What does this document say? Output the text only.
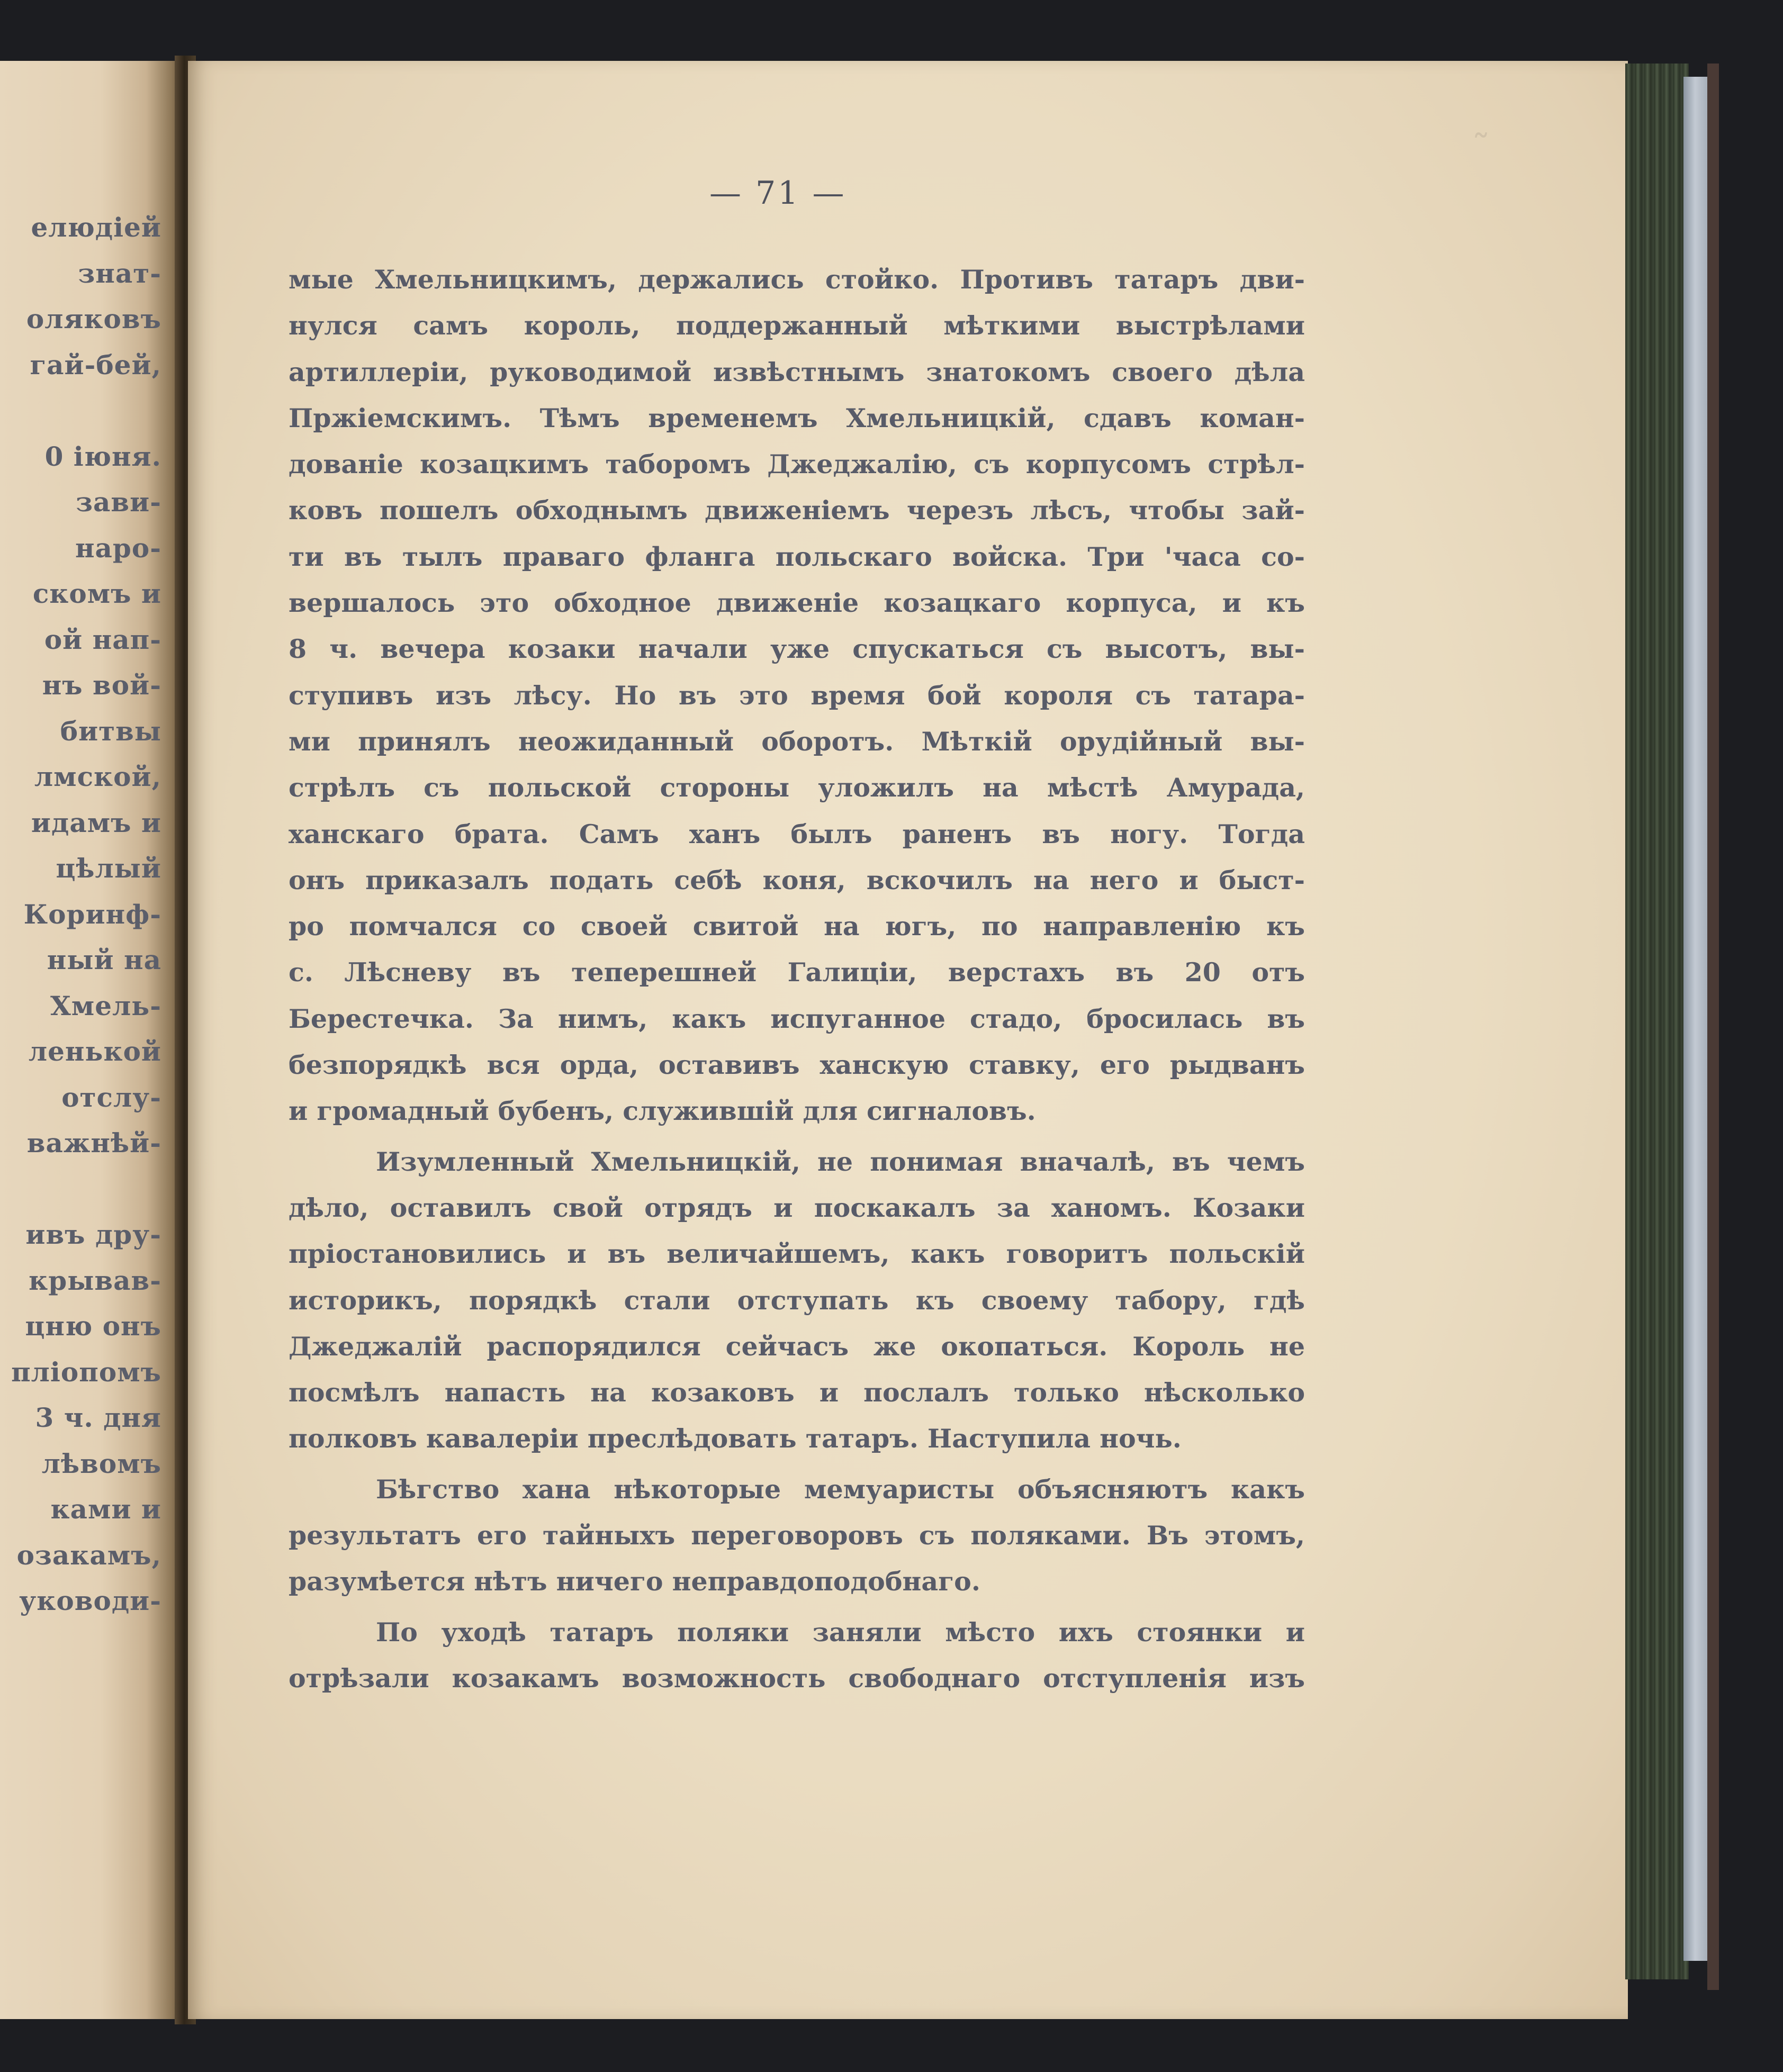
елюдіей
знат-
оляковъ
гай-бей,
0 іюня.
зави-
наро-
скомъ и
ой нап-
нъ вой-
битвы
лмской,
идамъ и
цѣлый
Коринф-
ный на
Хмель-
ленькой
отслу-
важнѣй-
ивъ дру-
крывав-
цню онъ
плiопомъ
3 ч. дня
лѣвомъ
ками и
озакамъ,
уководи-
˜
— 71 —
мые Хмельницкимъ, держались стойко. Противъ татаръ дви-
нулся самъ король, поддержанный мѣткими выстрѣлами
артиллеріи, руководимой извѣстнымъ знатокомъ своего дѣла
Пржіемскимъ. Тѣмъ временемъ Хмельницкій, сдавъ коман-
дованіе козацкимъ таборомъ Джеджалію, съ корпусомъ стрѣл-
ковъ пошелъ обходнымъ движеніемъ черезъ лѣсъ, чтобы зай-
ти въ тылъ праваго фланга польскаго войска. Три 'часа со-
вершалось это обходное движеніе козацкаго корпуса, и къ
8 ч. вечера козаки начали уже спускаться съ высотъ, вы-
ступивъ изъ лѣсу. Но въ это время бой короля съ татара-
ми принялъ неожиданный оборотъ. Мѣткій орудійный вы-
стрѣлъ съ польской стороны уложилъ на мѣстѣ Амурада,
ханскаго брата. Самъ ханъ былъ раненъ въ ногу. Тогда
онъ приказалъ подать себѣ коня, вскочилъ на него и быст-
ро помчался со своей свитой на югъ, по направленію къ
с. Лѣсневу въ теперешней Галиціи, верстахъ въ 20 отъ
Берестечка. За нимъ, какъ испуганное стадо, бросилась въ
безпорядкѣ вся орда, оставивъ ханскую ставку, его рыдванъ
и громадный бубенъ, служившій для сигналовъ.
Изумленный Хмельницкій, не понимая вначалѣ, въ чемъ
дѣло, оставилъ свой отрядъ и поскакалъ за ханомъ. Козаки
пріостановились и въ величайшемъ, какъ говоритъ польскій
историкъ, порядкѣ стали отступать къ своему табору, гдѣ
Джеджалій распорядился сейчасъ же окопаться. Король не
посмѣлъ напасть на козаковъ и послалъ только нѣсколько
полковъ кавалеріи преслѣдовать татаръ. Наступила ночь.
Бѣгство хана нѣкоторые мемуаристы объясняютъ какъ
результатъ его тайныхъ переговоровъ съ поляками. Въ этомъ,
разумѣется нѣтъ ничего неправдоподобнаго.
По уходѣ татаръ поляки заняли мѣсто ихъ стоянки и
отрѣзали козакамъ возможность свободнаго отступленія изъ
